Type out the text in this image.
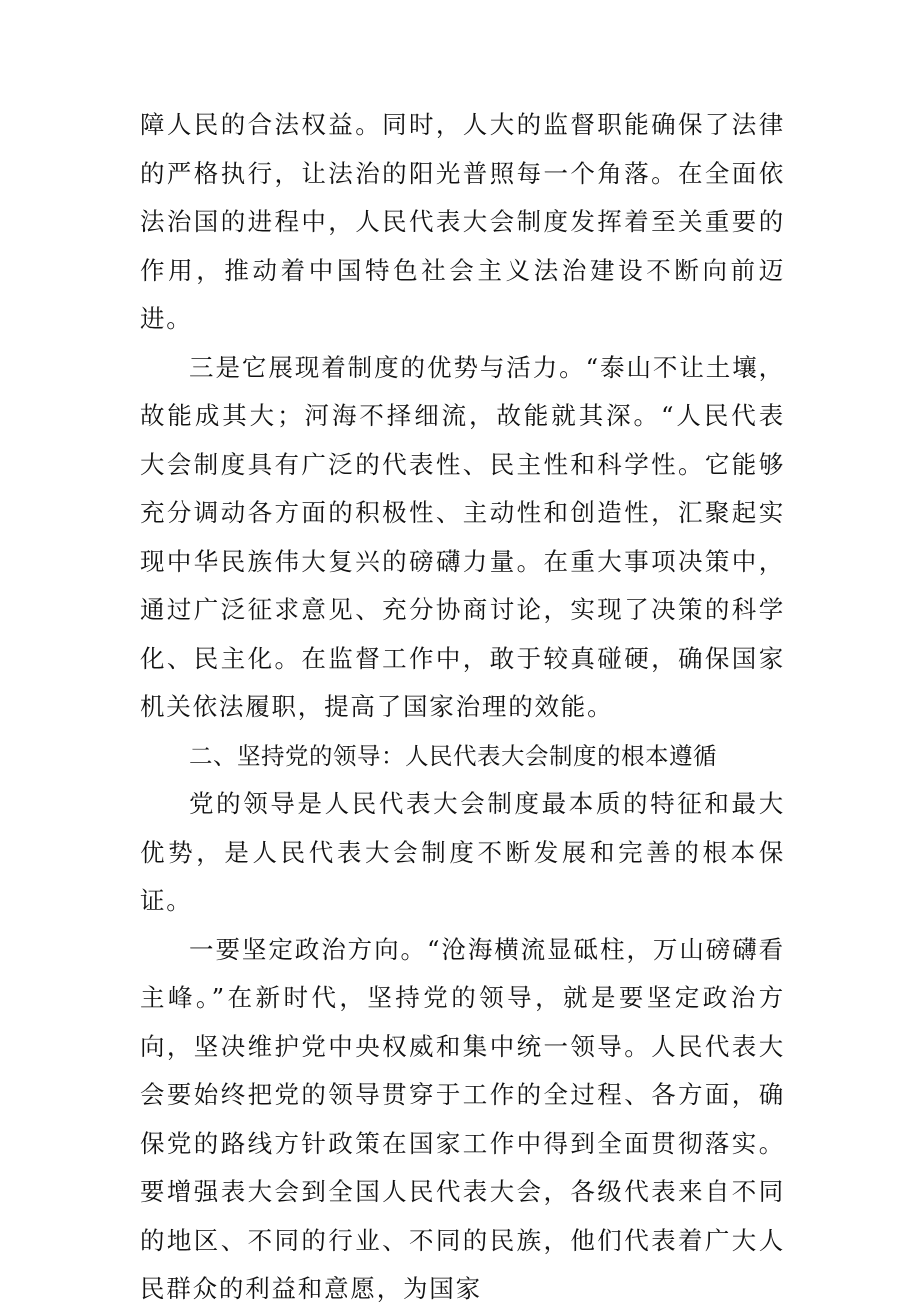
障人民的合法权益。同时，人大的监督职能确保了法律的严格执行，让法治的阳光普照每一个角落。在全面依法治国的进程中，人民代表大会制度发挥着至关重要的作用，推动着中国特色社会主义法治建设不断向前迈进。

三是它展现着制度的优势与活力。“泰山不让土壤，故能成其大；河海不择细流，故能就其深。“人民代表大会制度具有广泛的代表性、民主性和科学性。它能够充分调动各方面的积极性、主动性和创造性，汇聚起实现中华民族伟大复兴的磅礴力量。在重大事项决策中，通过广泛征求意见、充分协商讨论，实现了决策的科学化、民主化。在监督工作中，敢于较真碰硬，确保国家机关依法履职，提高了国家治理的效能。

二、坚持党的领导：人民代表大会制度的根本遵循

党的领导是人民代表大会制度最本质的特征和最大优势，是人民代表大会制度不断发展和完善的根本保证。

一要坚定政治方向。“沧海横流显砥柱，万山磅礴看主峰。”在新时代，坚持党的领导，就是要坚定政治方向，坚决维护党中央权威和集中统一领导。人民代表大会要始终把党的领导贯穿于工作的全过程、各方面，确保党的路线方针政策在国家工作中得到全面贯彻落实。要增强表大会到全国人民代表大会，各级代表来自不同的地区、不同的行业、不同的民族，他们代表着广大人民群众的利益和意愿，为国家
